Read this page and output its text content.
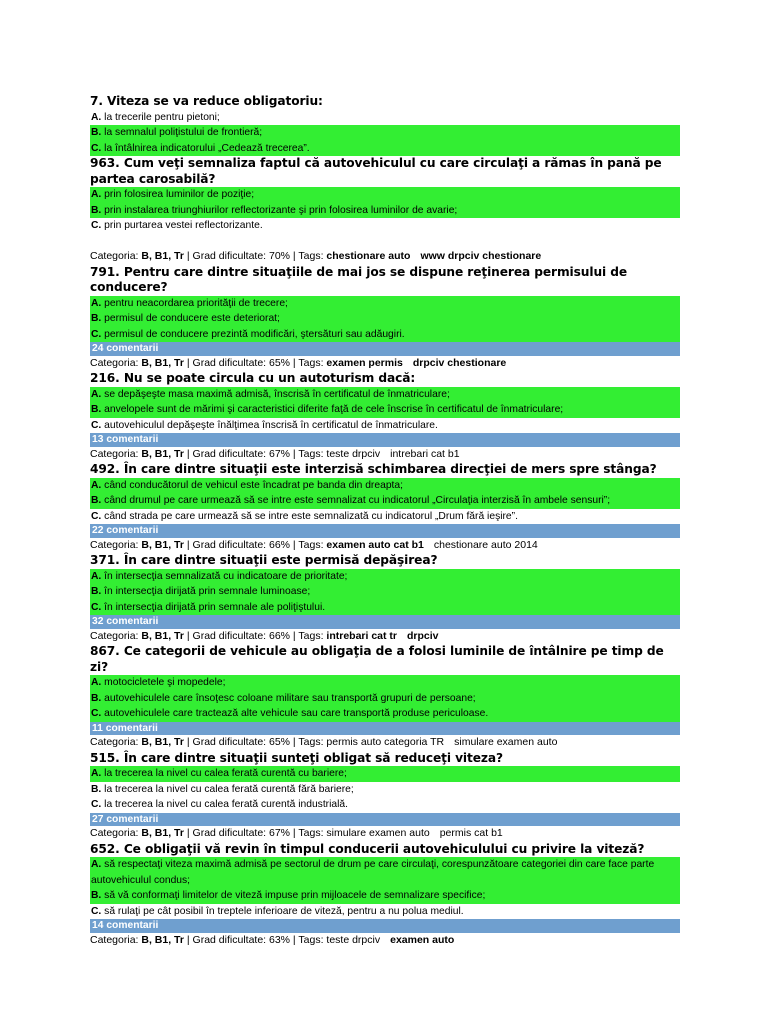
7. Viteza se va reduce obligatoriu:
A. la trecerile pentru pietoni;
B. la semnalul poliţistului de frontieră;
C. la întâlnirea indicatorului „Cedează trecerea”.
963. Cum veţi semnaliza faptul că autovehiculul cu care circulaţi a rămas în pană pe partea carosabilă?
A. prin folosirea luminilor de poziţie;
B. prin instalarea triunghiurilor reflectorizante şi prin folosirea luminilor de avarie;
C. prin purtarea vestei reflectorizante.
Categoria: B, B1, Tr | Grad dificultate: 70% | Tags: chestionare auto www drpciv chestionare
791. Pentru care dintre situaţiile de mai jos se dispune reţinerea permisului de conducere?
A. pentru neacordarea priorităţii de trecere;
B. permisul de conducere este deteriorat;
C. permisul de conducere prezintă modificări, ştersături sau adăugiri.
24 comentarii
Categoria: B, B1, Tr | Grad dificultate: 65% | Tags: examen permis drpciv chestionare
216. Nu se poate circula cu un autoturism dacă:
A. se depăşeşte masa maximă admisă, înscrisă în certificatul de înmatriculare;
B. anvelopele sunt de mărimi şi caracteristici diferite faţă de cele înscrise în certificatul de înmatriculare;
C. autovehiculul depăşeşte înălţimea înscrisă în certificatul de înmatriculare.
13 comentarii
Categoria: B, B1, Tr | Grad dificultate: 67% | Tags: teste drpciv intrebari cat b1
492. În care dintre situaţii este interzisă schimbarea direcţiei de mers spre stânga?
A. când conducătorul de vehicul este încadrat pe banda din dreapta;
B. când drumul pe care urmează să se intre este semnalizat cu indicatorul „Circulaţia interzisă în ambele sensuri”;
C. când strada pe care urmează să se intre este semnalizată cu indicatorul „Drum fără ieşire”.
22 comentarii
Categoria: B, B1, Tr | Grad dificultate: 66% | Tags: examen auto cat b1 chestionare auto 2014
371. În care dintre situaţii este permisă depăşirea?
A. în intersecţia semnalizată cu indicatoare de prioritate;
B. în intersecţia dirijată prin semnale luminoase;
C. în intersecţia dirijată prin semnale ale poliţiştului.
32 comentarii
Categoria: B, B1, Tr | Grad dificultate: 66% | Tags: intrebari cat tr drpciv
867. Ce categorii de vehicule au obligaţia de a folosi luminile de întâlnire pe timp de zi?
A. motocicletele şi mopedele;
B. autovehiculele care însoţesc coloane militare sau transportă grupuri de persoane;
C. autovehiculele care tractează alte vehicule sau care transportă produse periculoase.
11 comentarii
Categoria: B, B1, Tr | Grad dificultate: 65% | Tags: permis auto categoria TR simulare examen auto
515. În care dintre situaţii sunteţi obligat să reduceţi viteza?
A. la trecerea la nivel cu calea ferată curentă cu bariere;
B. la trecerea la nivel cu calea ferată curentă fără bariere;
C. la trecerea la nivel cu calea ferată curentă industrială.
27 comentarii
Categoria: B, B1, Tr | Grad dificultate: 67% | Tags: simulare examen auto permis cat b1
652. Ce obligaţii vă revin în timpul conducerii autovehiculului cu privire la viteză?
A. să respectaţi viteza maximă admisă pe sectorul de drum pe care circulaţi, corespunzătoare categoriei din care face parte autovehiculul condus;
B. să vă conformaţi limitelor de viteză impuse prin mijloacele de semnalizare specifice;
C. să rulaţi pe cât posibil în treptele inferioare de viteză, pentru a nu polua mediul.
14 comentarii
Categoria: B, B1, Tr | Grad dificultate: 63% | Tags: teste drpciv examen auto
